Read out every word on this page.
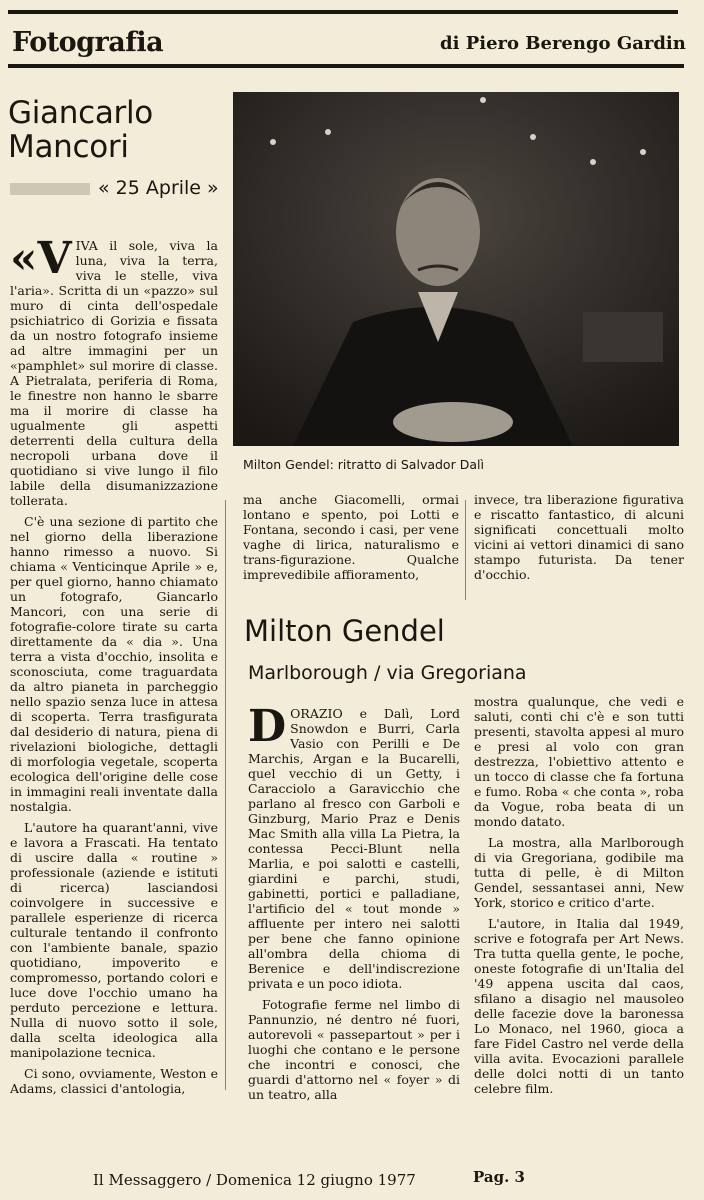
Fotografia	di Piero Berengo Gardin
Giancarlo
Mancori
« 25 Aprile »
Milton Gendel: ritratto di Salvador Dalì

«VIVA il sole, viva la luna, viva la terra, viva le stelle, viva l'aria». Scritta di un «pazzo» sul muro di cinta dell'ospedale psichiatrico di Gorizia e fissata da un nostro fotografo insieme ad altre immagini per un «pamphlet» sul morire di classe. A Pietralata, periferia di Roma, le finestre non hanno le sbarre ma il morire di classe ha ugualmente gli aspetti deterrenti della cultura della necropoli urbana dove il quotidiano si vive lungo il filo labile della disumanizzazione tollerata.

C'è una sezione di partito che nel giorno della liberazione hanno rimesso a nuovo. Si chiama « Venticinque Aprile » e, per quel giorno, hanno chiamato un fotografo, Giancarlo Mancori, con una serie di fotografie-colore tirate su carta direttamente da « dia ». Una terra a vista d'occhio, insolita e sconosciuta, come traguardata da altro pianeta in parcheggio nello spazio senza luce in attesa di scoperta. Terra trasfigurata dal desiderio di natura, piena di rivelazioni biologiche, dettagli di morfologia vegetale, scoperta ecologica dell'origine delle cose in immagini reali inventate dalla nostalgia.

L'autore ha quarant'anni, vive e lavora a Frascati. Ha tentato di uscire dalla « routine » professionale (aziende e istituti di ricerca) lasciandosi coinvolgere in successive e parallele esperienze di ricerca culturale tentando il confronto con l'ambiente banale, spazio quotidiano, impoverito e compromesso, portando colori e luce dove l'occhio umano ha perduto percezione e lettura. Nulla di nuovo sotto il sole, dalla scelta ideologica alla manipolazione tecnica.

Ci sono, ovviamente, Weston e Adams, classici d'antologia,

ma anche Giacomelli, ormai lontano e spento, poi Lotti e Fontana, secondo i casi, per vene vaghe di lirica, naturalismo e trans-figurazione. Qualche imprevedibile affioramento,

invece, tra liberazione figurativa e riscatto fantastico, di alcuni significati concettuali molto vicini ai vettori dinamici di sano stampo futurista. Da tener d'occhio.

Milton Gendel
Marlborough / via Gregoriana

DORAZIO e Dalì, Lord Snowdon e Burri, Carla Vasio con Perilli e De Marchis, Argan e la Bucarelli, quel vecchio di un Getty, i Caracciolo a Garavicchio che parlano al fresco con Garboli e Ginzburg, Mario Praz e Denis Mac Smith alla villa La Pietra, la contessa Pecci-Blunt nella Marlia, e poi salotti e castelli, giardini e parchi, studi, gabinetti, portici e palladiane, l'artificio del « tout monde » affluente per intero nei salotti per bene che fanno opinione all'ombra della chioma di Berenice e dell'indiscrezione privata e un poco idiota.

Fotografie ferme nel limbo di Pannunzio, né dentro né fuori, autorevoli « passepartout » per i luoghi che contano e le persone che incontri e conosci, che guardi d'attorno nel « foyer » di un teatro, alla

mostra qualunque, che vedi e saluti, conti chi c'è e son tutti presenti, stavolta appesi al muro e presi al volo con gran destrezza, l'obiettivo attento e un tocco di classe che fa fortuna e fumo. Roba « che conta », roba da Vogue, roba beata di un mondo datato.

La mostra, alla Marlborough di via Gregoriana, godibile ma tutta di pelle, è di Milton Gendel, sessantasei anni, New York, storico e critico d'arte.

L'autore, in Italia dal 1949, scrive e fotografa per Art News. Tra tutta quella gente, le poche, oneste fotografie di un'Italia del '49 appena uscita dal caos, sfilano a disagio nel mausoleo delle facezie dove la baronessa Lo Monaco, nel 1960, gioca a fare Fidel Castro nel verde della villa avita. Evocazioni parallele delle dolci notti di un tanto celebre film.

Il Messaggero / Domenica 12 giugno 1977	Pag. 3
